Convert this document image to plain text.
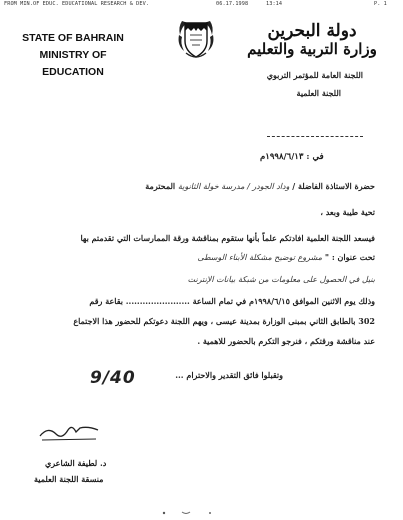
FROM MIN.OF EDUC. EDUCATIONAL RESEARCH & DEV.	06.17.1998	13:14	P. 1
STATE OF BAHRAIN
MINISTRY OF EDUCATION
دولة البحرين
وزارة التربية والتعليم
اللجنة العامة للمؤتمر التربوي
اللجنة العلمية
في : ١٩٩٨/٦/١٣م
حضرة الاستاذة الفاضلة / وداد الجودر / مدرسة خولة الثانوية المحترمة
تحية طيبة وبعد ،
فيسعد اللجنة العلمية افادتكم علماً بأنها ستقوم بمناقشة ورقة الممارسات التي تقدمتم بها
تحت عنوان : " مشروع توضيح مشكلة الأبناء الوسطى
بنيل في الحصول على معلومات من شبكة بيانات الإنترنت
وذلك يوم الاثنين الموافق ١٩٩٨/٦/١٥م في تمام الساعة ....................... بقاعة رقم
9/40
302 بالطابق الثاني بمبنى الوزارة بمدينة عيسى ، ويهم اللجنة دعوتكم للحضور هذا الاجتماع
عند مناقشة ورقتكم ، فنرجو التكرم بالحضور للاهمية .
وتقبلوا فائق التقدير والاحترام ...
د. لطيفة الشاعري
منسقة اللجنة العلمية
